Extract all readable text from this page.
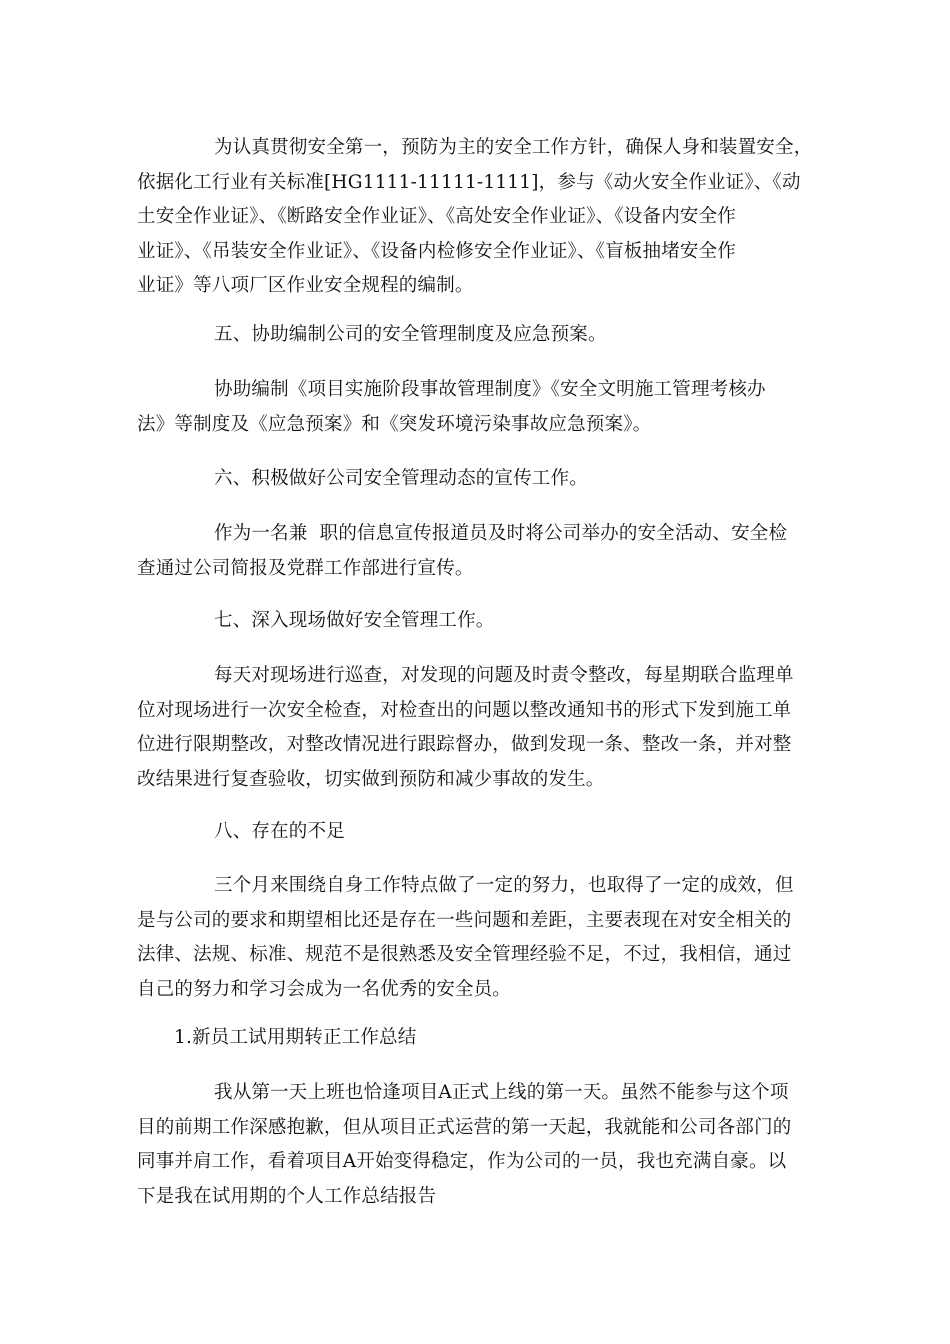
为认真贯彻安全第一，预防为主的安全工作方针，确保人身和装置安全，
依据化工行业有关标准[HG1111-11111-1111]，参与《动火安全作业证》、《动
土安全作业证》、《断路安全作业证》、《高处安全作业证》、《设备内安全作
业证》、《吊装安全作业证》、《设备内检修安全作业证》、《盲板抽堵安全作
业证》等八项厂区作业安全规程的编制。
五、协助编制公司的安全管理制度及应急预案。
协助编制《项目实施阶段事故管理制度》《安全文明施工管理考核办
法》等制度及《应急预案》和《突发环境污染事故应急预案》。
六、积极做好公司安全管理动态的宣传工作。
作为一名兼  职的信息宣传报道员及时将公司举办的安全活动、安全检
查通过公司简报及党群工作部进行宣传。
七、深入现场做好安全管理工作。
每天对现场进行巡查，对发现的问题及时责令整改，每星期联合监理单
位对现场进行一次安全检查，对检查出的问题以整改通知书的形式下发到施工单
位进行限期整改，对整改情况进行跟踪督办，做到发现一条、整改一条，并对整
改结果进行复查验收，切实做到预防和减少事故的发生。
八、存在的不足
三个月来围绕自身工作特点做了一定的努力，也取得了一定的成效，但
是与公司的要求和期望相比还是存在一些问题和差距，主要表现在对安全相关的
法律、法规、标准、规范不是很熟悉及安全管理经验不足，不过，我相信，通过
自己的努力和学习会成为一名优秀的安全员。
1.新员工试用期转正工作总结
我从第一天上班也恰逢项目A正式上线的第一天。虽然不能参与这个项
目的前期工作深感抱歉，但从项目正式运营的第一天起，我就能和公司各部门的
同事并肩工作，看着项目A开始变得稳定，作为公司的一员，我也充满自豪。以
下是我在试用期的个人工作总结报告
